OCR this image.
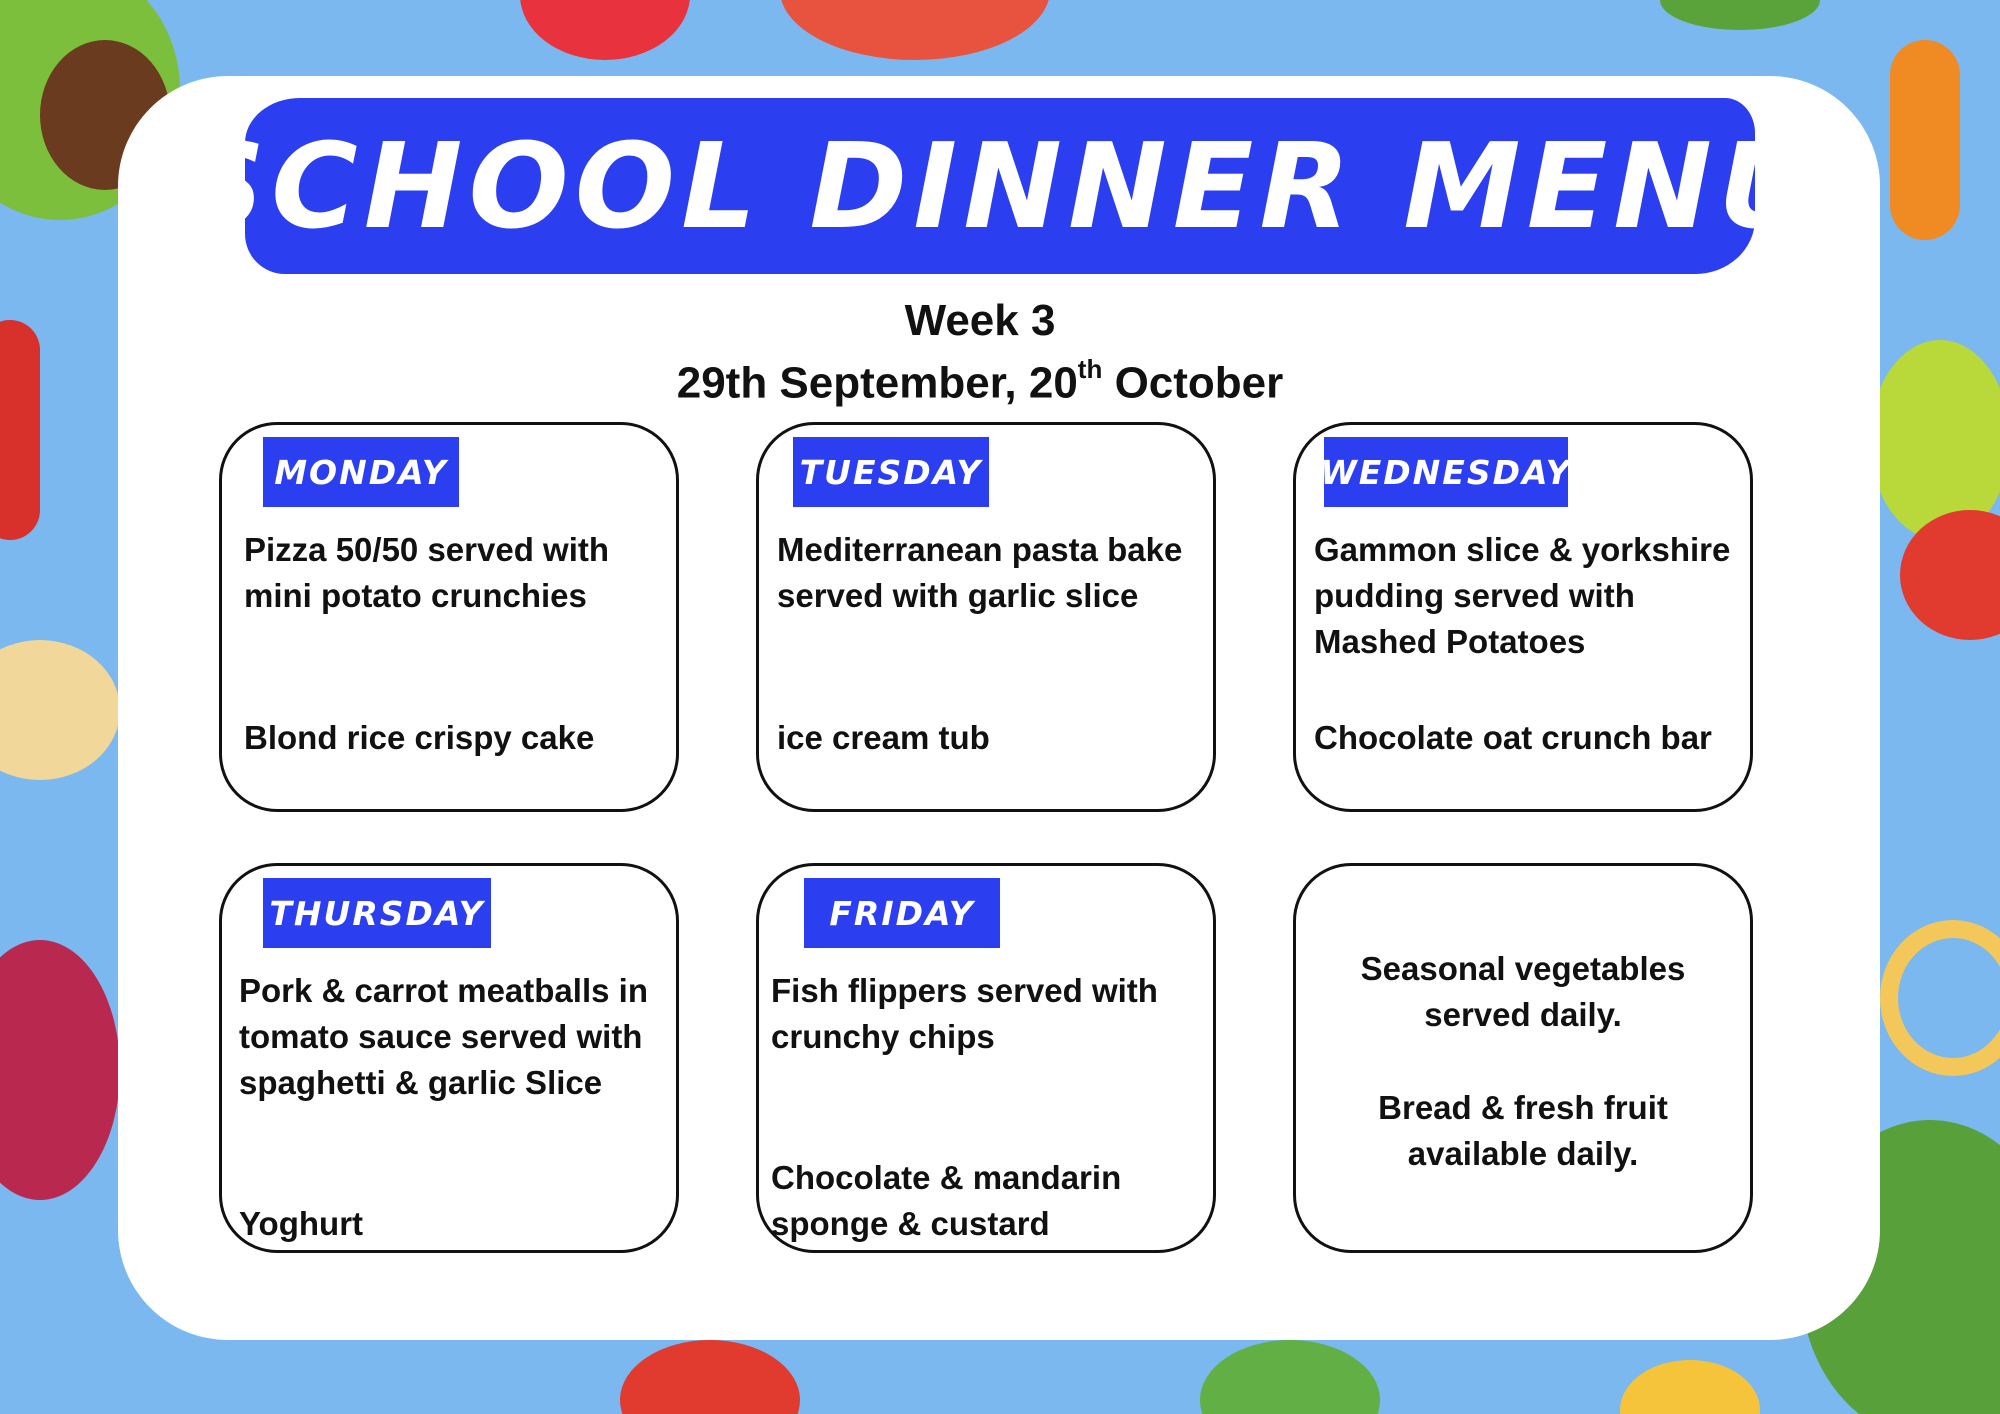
SCHOOL DINNER MENU
Week 3
29th September, 20th October
MONDAY
Pizza 50/50 served with mini potato crunchies
Blond rice crispy cake
TUESDAY
Mediterranean pasta bake served with garlic slice
ice cream tub
WEDNESDAY
Gammon slice & yorkshire pudding served with Mashed Potatoes
Chocolate oat crunch bar
THURSDAY
Pork & carrot meatballs in tomato sauce served with spaghetti & garlic Slice
Yoghurt
FRIDAY
Fish flippers served with crunchy chips
Chocolate & mandarin sponge & custard
Seasonal vegetables served daily.
Bread & fresh fruit available daily.
